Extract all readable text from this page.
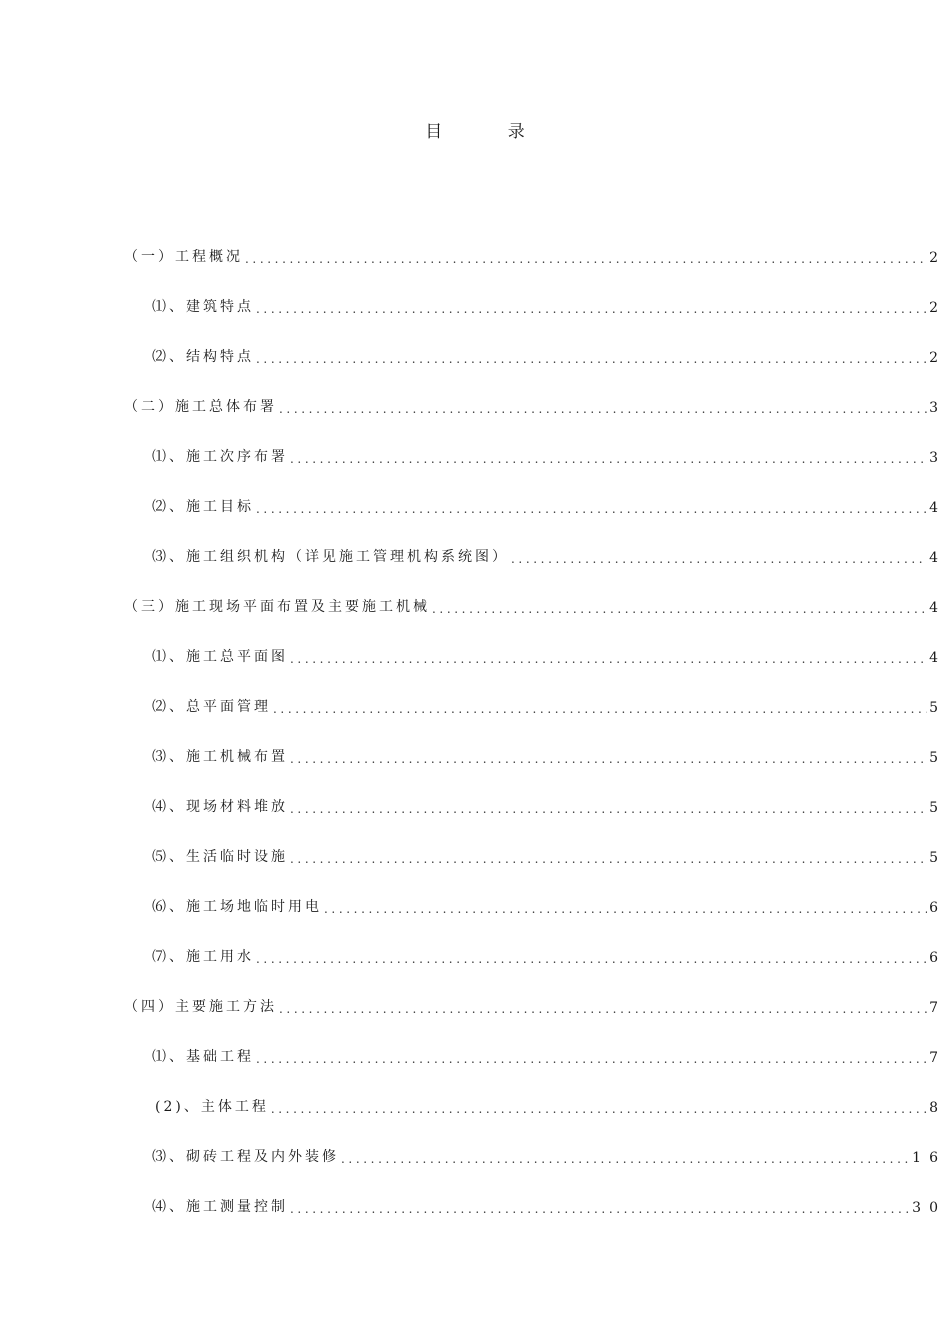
目 录
（一）工程概况 .....	2
⑴、建筑特点 .....	2
⑵、结构特点 .....	2
（二）施工总体布署 .....	3
⑴、施工次序布署 .....	3
⑵、施工目标 .....	4
⑶、施工组织机构（详见施工管理机构系统图） .....	4
（三）施工现场平面布置及主要施工机械 .....	4
⑴、施工总平面图 .....	4
⑵、总平面管理 .....	5
⑶、施工机械布置 .....	5
⑷、现场材料堆放 .....	5
⑸、生活临时设施 .....	5
⑹、施工场地临时用电 .....	6
⑺、施工用水 .....	6
（四）主要施工方法 .....	7
⑴、基础工程 .....	7
(2)、主体工程 .....	8
⑶、砌砖工程及内外装修 .....	16
⑷、施工测量控制 .....	30
